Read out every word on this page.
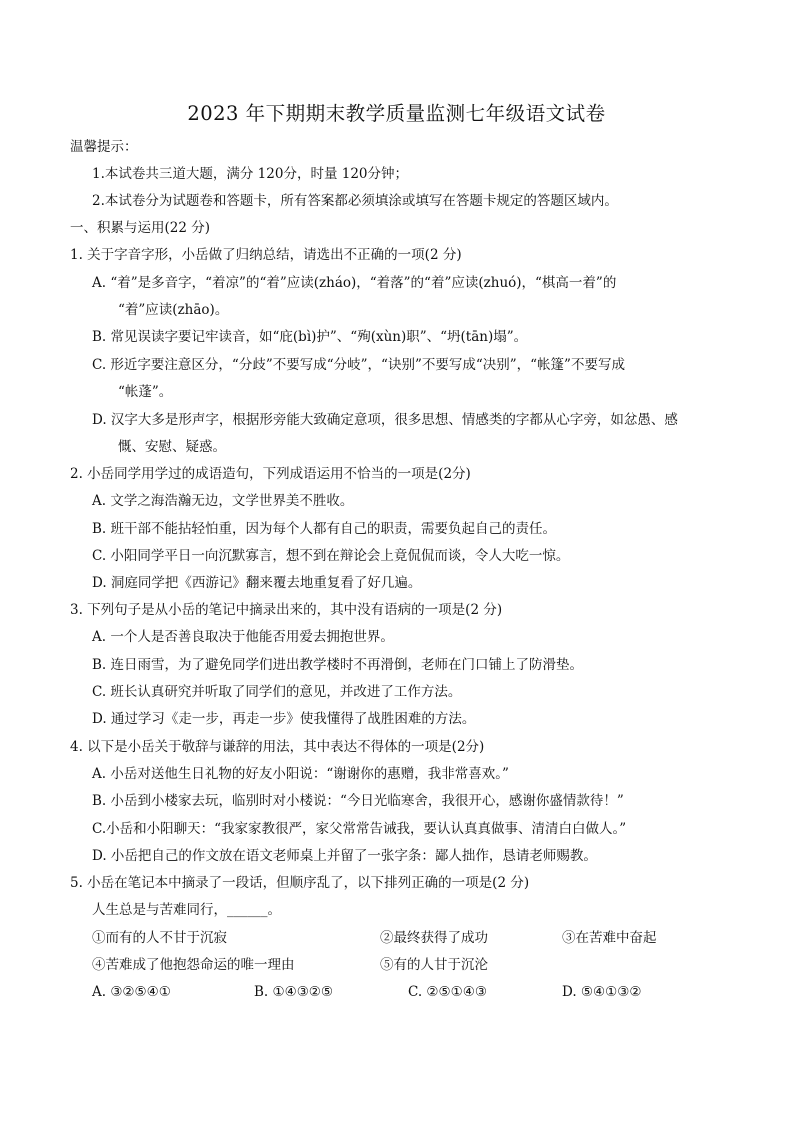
2023 年下期期末教学质量监测七年级语文试卷
温馨提示：
1.本试卷共三道大题，满分 120分，时量 120分钟；
2.本试卷分为试题卷和答题卡，所有答案都必须填涂或填写在答题卡规定的答题区域内。
一、积累与运用(22 分)
1. 关于字音字形，小岳做了归纳总结，请选出不正确的一项(2 分)
A. “着”是多音字，“着凉”的“着”应读(zháo)，“着落”的“着”应读(zhuó)，“棋高一着”的
“着”应读(zhāo)。
B. 常见误读字要记牢读音，如“庇(bì)护”、“殉(xùn)职”、“坍(tān)塌”。
C. 形近字要注意区分，“分歧”不要写成“分岐”，“诀别”不要写成“决别”，“帐篷”不要写成
“帐蓬”。
D. 汉字大多是形声字，根据形旁能大致确定意项，很多思想、情感类的字都从心字旁，如忿愚、感
慨、安慰、疑惑。
2. 小岳同学用学过的成语造句，下列成语运用不恰当的一项是(2分)
A. 文学之海浩瀚无边，文学世界美不胜收。
B. 班干部不能拈轻怕重，因为每个人都有自己的职责，需要负起自己的责任。
C. 小阳同学平日一向沉默寡言，想不到在辩论会上竟侃侃而谈，令人大吃一惊。
D. 洞庭同学把《西游记》翻来覆去地重复看了好几遍。
3. 下列句子是从小岳的笔记中摘录出来的，其中没有语病的一项是(2 分)
A. 一个人是否善良取决于他能否用爱去拥抱世界。
B. 连日雨雪，为了避免同学们进出教学楼时不再滑倒，老师在门口铺上了防滑垫。
C. 班长认真研究并听取了同学们的意见，并改进了工作方法。
D. 通过学习《走一步，再走一步》使我懂得了战胜困难的方法。
4. 以下是小岳关于敬辞与谦辞的用法，其中表达不得体的一项是(2分)
A. 小岳对送他生日礼物的好友小阳说：“谢谢你的惠赠，我非常喜欢。”
B. 小岳到小楼家去玩，临别时对小楼说：“今日光临寒舍，我很开心，感谢你盛情款待！”
C.小岳和小阳聊天：“我家家教很严，家父常常告诫我，要认认真真做事、清清白白做人。”
D. 小岳把自己的作文放在语文老师桌上并留了一张字条：鄙人拙作，恳请老师赐教。
5. 小岳在笔记本中摘录了一段话，但顺序乱了，以下排列正确的一项是(2 分)
人生总是与苦难同行，______。
①而有的人不甘于沉寂	②最终获得了成功	③在苦难中奋起
④苦难成了他抱怨命运的唯一理由	⑤有的人甘于沉沦
A. ③②⑤④①	B. ①④③②⑤	C. ②⑤①④③	D. ⑤④①③②
